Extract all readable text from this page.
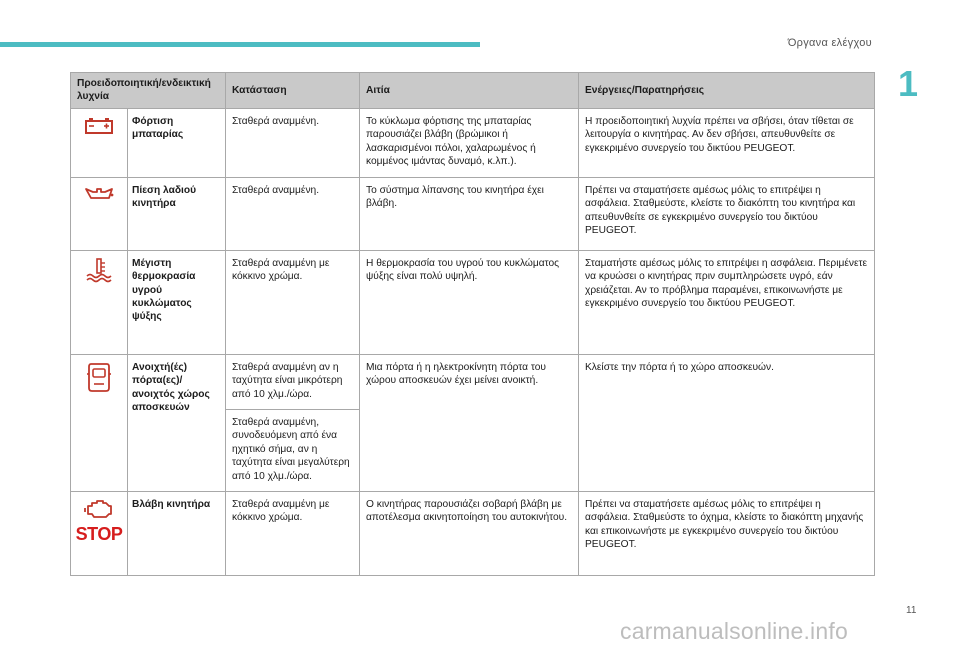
Όργανα ελέγχου
1
Προειδοποιητική/ενδεικτική λυχνία		Κατάσταση	Αιτία	Ενέργειες/Παρατηρήσεις
	Φόρτιση μπαταρίας	Σταθερά αναμμένη.	Το κύκλωμα φόρτισης της μπαταρίας παρουσιάζει βλάβη (βρώμικοι ή λασκαρισμένοι πόλοι, χαλαρωμένος ή κομμένος ιμάντας δυναμό, κ.λπ.).	Η προειδοποιητική λυχνία πρέπει να σβήσει, όταν τίθεται σε λειτουργία ο κινητήρας. Αν δεν σβήσει, απευθυνθείτε σε εγκεκριμένο συνεργείο του δικτύου PEUGEOT.
	Πίεση λαδιού κινητήρα	Σταθερά αναμμένη.	Το σύστημα λίπανσης του κινητήρα έχει βλάβη.	Πρέπει να σταματήσετε αμέσως μόλις το επιτρέψει η ασφάλεια. Σταθμεύστε, κλείστε το διακόπτη του κινητήρα και απευθυνθείτε σε εγκεκριμένο συνεργείο του δικτύου PEUGEOT.
	Μέγιστη θερμοκρασία υγρού κυκλώματος ψύξης	Σταθερά αναμμένη με κόκκινο χρώμα.	Η θερμοκρασία του υγρού του κυκλώματος ψύξης είναι πολύ υψηλή.	Σταματήστε αμέσως μόλις το επιτρέψει η ασφάλεια. Περιμένετε να κρυώσει ο κινητήρας πριν συμπληρώσετε υγρό, εάν χρειάζεται. Αν το πρόβλημα παραμένει, επικοινωνήστε με εγκεκριμένο συνεργείο του δικτύου PEUGEOT.
	Ανοιχτή(ές) πόρτα(ες)/ανοιχτός χώρος αποσκευών	Σταθερά αναμμένη αν η ταχύτητα είναι μικρότερη από 10 χλμ./ώρα.	Μια πόρτα ή η ηλεκτροκίνητη πόρτα του χώρου αποσκευών έχει μείνει ανοικτή.	Κλείστε την πόρτα ή το χώρο αποσκευών.
		Σταθερά αναμμένη, συνοδευόμενη από ένα ηχητικό σήμα, αν η ταχύτητα είναι μεγαλύτερη από 10 χλμ./ώρα.		

STOP	Βλάβη κινητήρα	Σταθερά αναμμένη με κόκκινο χρώμα.	Ο κινητήρας παρουσιάζει σοβαρή βλάβη με αποτέλεσμα ακινητοποίηση του αυτοκινήτου.	Πρέπει να σταματήσετε αμέσως μόλις το επιτρέψει η ασφάλεια. Σταθμεύστε το όχημα, κλείστε το διακόπτη μηχανής και επικοινωνήστε με εγκεκριμένο συνεργείο του δικτύου PEUGEOT.
11
carmanualsonline.info
